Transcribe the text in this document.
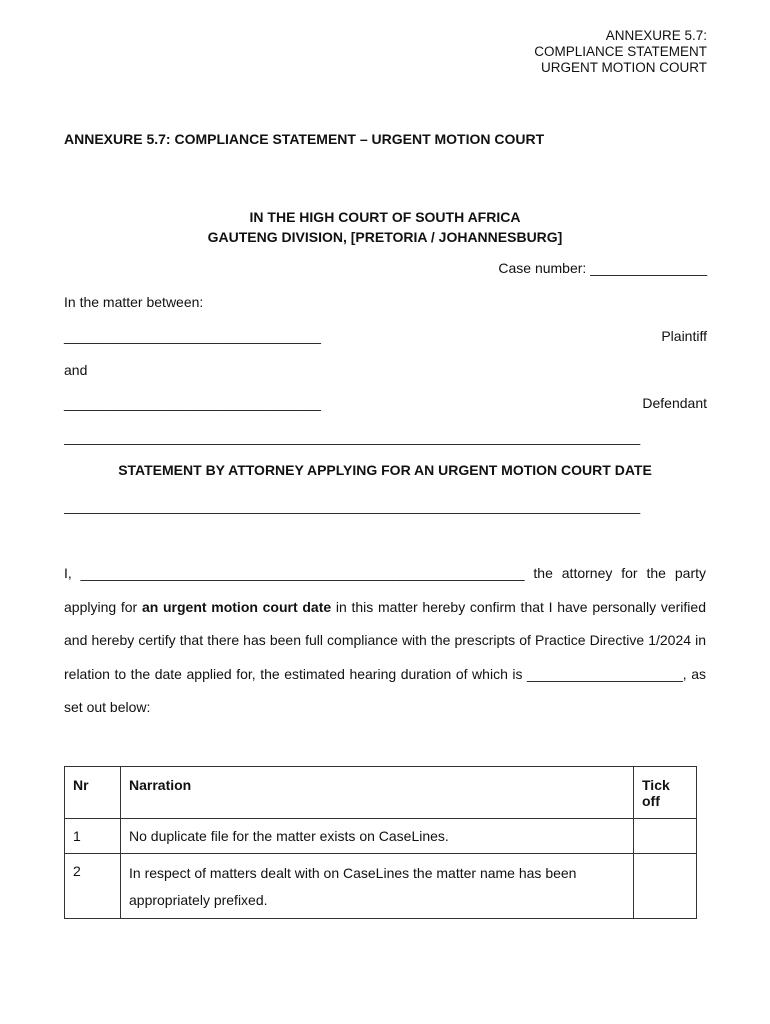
ANNEXURE 5.7:
COMPLIANCE STATEMENT
URGENT MOTION COURT
ANNEXURE 5.7: COMPLIANCE STATEMENT – URGENT MOTION COURT
IN THE HIGH COURT OF SOUTH AFRICA
GAUTENG DIVISION, [PRETORIA / JOHANNESBURG]
Case number: _______________
In the matter between:
_________________________________	Plaintiff
and
_________________________________	Defendant
__________________________________________________________________________
STATEMENT BY ATTORNEY APPLYING FOR AN URGENT MOTION COURT DATE
__________________________________________________________________________
I, _________________________________________________________ the attorney for the party applying for an urgent motion court date in this matter hereby confirm that I have personally verified and hereby certify that there has been full compliance with the prescripts of Practice Directive 1/2024 in relation to the date applied for, the estimated hearing duration of which is ____________________, as set out below:
Nr	Narration	Tick off
1	No duplicate file for the matter exists on CaseLines.	
2	In respect of matters dealt with on CaseLines the matter name has been appropriately prefixed.	
